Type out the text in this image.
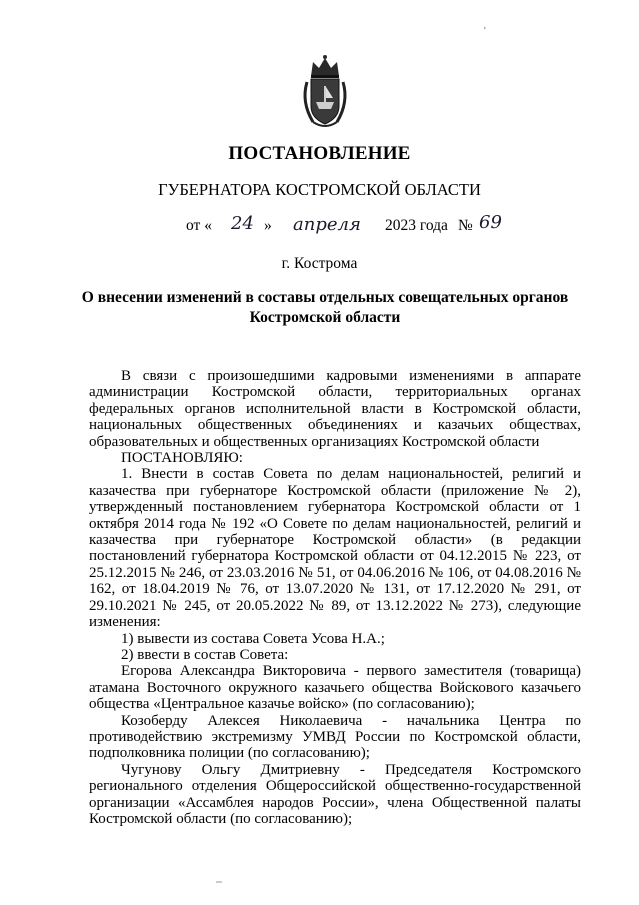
'
ПОСТАНОВЛЕНИЕ
ГУБЕРНАТОРА КОСТРОМСКОЙ ОБЛАСТИ
от « 24 » апреля 2023 года № 69
г. Кострома
О внесении изменений в составы отдельных совещательных органов Костромской области

В связи с произошедшими кадровыми изменениями в аппарате администрации Костромской области, территориальных органах федеральных органов исполнительной власти в Костромской области, национальных общественных объединениях и казачьих обществах, образовательных и общественных организациях Костромской области

ПОСТАНОВЛЯЮ:

1. Внести в состав Совета по делам национальностей, религий и казачества при губернаторе Костромской области (приложение № 2), утвержденный постановлением губернатора Костромской области от 1 октября 2014 года № 192 «О Совете по делам национальностей, религий и казачества при губернаторе Костромской области» (в редакции постановлений губернатора Костромской области от 04.12.2015 № 223, от 25.12.2015 № 246, от 23.03.2016 № 51, от 04.06.2016 № 106, от 04.08.2016 № 162, от 18.04.2019 № 76, от 13.07.2020 № 131, от 17.12.2020 № 291, от 29.10.2021 № 245, от 20.05.2022 № 89, от 13.12.2022 № 273), следующие изменения:

1) вывести из состава Совета Усова Н.А.;

2) ввести в состав Совета:

Егорова Александра Викторовича - первого заместителя (товарища) атамана Восточного окружного казачьего общества Войскового казачьего общества «Центральное казачье войско» (по согласованию);

Козоберду Алексея Николаевича - начальника Центра по противодействию экстремизму УМВД России по Костромской области, подполковника полиции (по согласованию);

Чугунову Ольгу Дмитриевну - Председателя Костромского регионального отделения Общероссийской общественно-государственной организации «Ассамблея народов России», члена Общественной палаты Костромской области (по согласованию);
